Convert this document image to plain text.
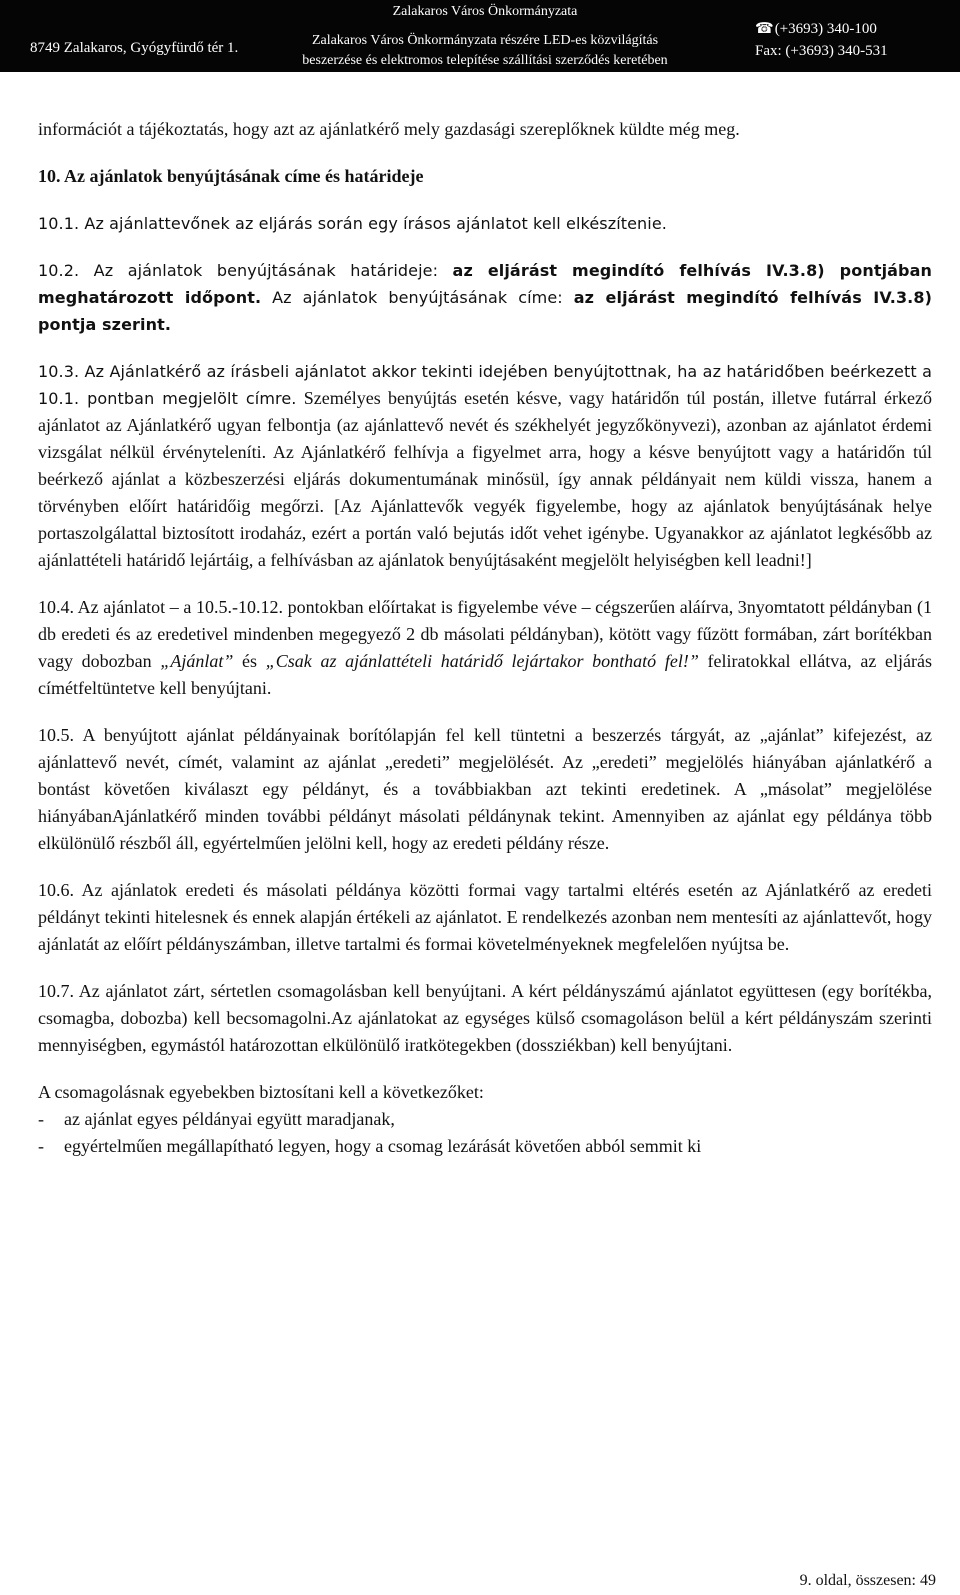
Zalakaros Város Önkormányzata
8749 Zalakaros, Gyógyfürdő tér 1.	Zalakaros Város Önkormányzata részére LED-es közvilágítás
beszerzése és elektromos telepítése szállítási szerződés keretében
☎(+3693) 340-100
Fax: (+3693) 340-531

információt a tájékoztatás, hogy azt az ajánlatkérő mely gazdasági szereplőknek küldte még meg.

10. Az ajánlatok benyújtásának címe és határideje

10.1. Az ajánlattevőnek az eljárás során egy írásos ajánlatot kell elkészítenie.

10.2. Az ajánlatok benyújtásának határideje: az eljárást megindító felhívás IV.3.8) pontjában meghatározott időpont. Az ajánlatok benyújtásának címe: az eljárást megindító felhívás IV.3.8) pontja szerint.

10.3. Az Ajánlatkérő az írásbeli ajánlatot akkor tekinti idejében benyújtottnak, ha az határidőben beérkezett a 10.1. pontban megjelölt címre. Személyes benyújtás esetén késve, vagy határidőn túl postán, illetve futárral érkező ajánlatot az Ajánlatkérő ugyan felbontja (az ajánlattevő nevét és székhelyét jegyzőkönyvezi), azonban az ajánlatot érdemi vizsgálat nélkül érvényteleníti. Az Ajánlatkérő felhívja a figyelmet arra, hogy a késve benyújtott vagy a határidőn túl beérkező ajánlat a közbeszerzési eljárás dokumentumának minősül, így annak példányait nem küldi vissza, hanem a törvényben előírt határidőig megőrzi. [Az Ajánlattevők vegyék figyelembe, hogy az ajánlatok benyújtásának helye portaszolgálattal biztosított irodaház, ezért a portán való bejutás időt vehet igénybe. Ugyanakkor az ajánlatot legkésőbb az ajánlattételi határidő lejártáig, a felhívásban az ajánlatok benyújtásaként megjelölt helyiségben kell leadni!]

10.4. Az ajánlatot – a 10.5.-10.12. pontokban előírtakat is figyelembe véve – cégszerűen aláírva, 3nyomtatott példányban (1 db eredeti és az eredetivel mindenben megegyező 2 db másolati példányban), kötött vagy fűzött formában, zárt borítékban vagy dobozban „Ajánlat” és „Csak az ajánlattételi határidő lejártakor bontható fel!” feliratokkal ellátva, az eljárás címétfeltüntetve kell benyújtani.

10.5. A benyújtott ajánlat példányainak borítólapján fel kell tüntetni a beszerzés tárgyát, az „ajánlat” kifejezést, az ajánlattevő nevét, címét, valamint az ajánlat „eredeti” megjelölését. Az „eredeti” megjelölés hiányában ajánlatkérő a bontást követően kiválaszt egy példányt, és a továbbiakban azt tekinti eredetinek. A „másolat” megjelölése hiányábanAjánlatkérő minden további példányt másolati példánynak tekint. Amennyiben az ajánlat egy példánya több elkülönülő részből áll, egyértelműen jelölni kell, hogy az eredeti példány része.

10.6. Az ajánlatok eredeti és másolati példánya közötti formai vagy tartalmi eltérés esetén az Ajánlatkérő az eredeti példányt tekinti hitelesnek és ennek alapján értékeli az ajánlatot. E rendelkezés azonban nem mentesíti az ajánlattevőt, hogy ajánlatát az előírt példányszámban, illetve tartalmi és formai követelményeknek megfelelően nyújtsa be.

10.7. Az ajánlatot zárt, sértetlen csomagolásban kell benyújtani. A kért példányszámú ajánlatot együttesen (egy borítékba, csomagba, dobozba) kell becsomagolni.Az ajánlatokat az egységes külső csomagoláson belül a kért példányszám szerinti mennyiségben, egymástól határozottan elkülönülő iratkötegekben (dossziékban) kell benyújtani.

A csomagolásnak egyebekben biztosítani kell a következőket:

-	az ajánlat egyes példányai együtt maradjanak,
-	egyértelműen megállapítható legyen, hogy a csomag lezárását követően abból semmit ki
9. oldal, összesen: 49
